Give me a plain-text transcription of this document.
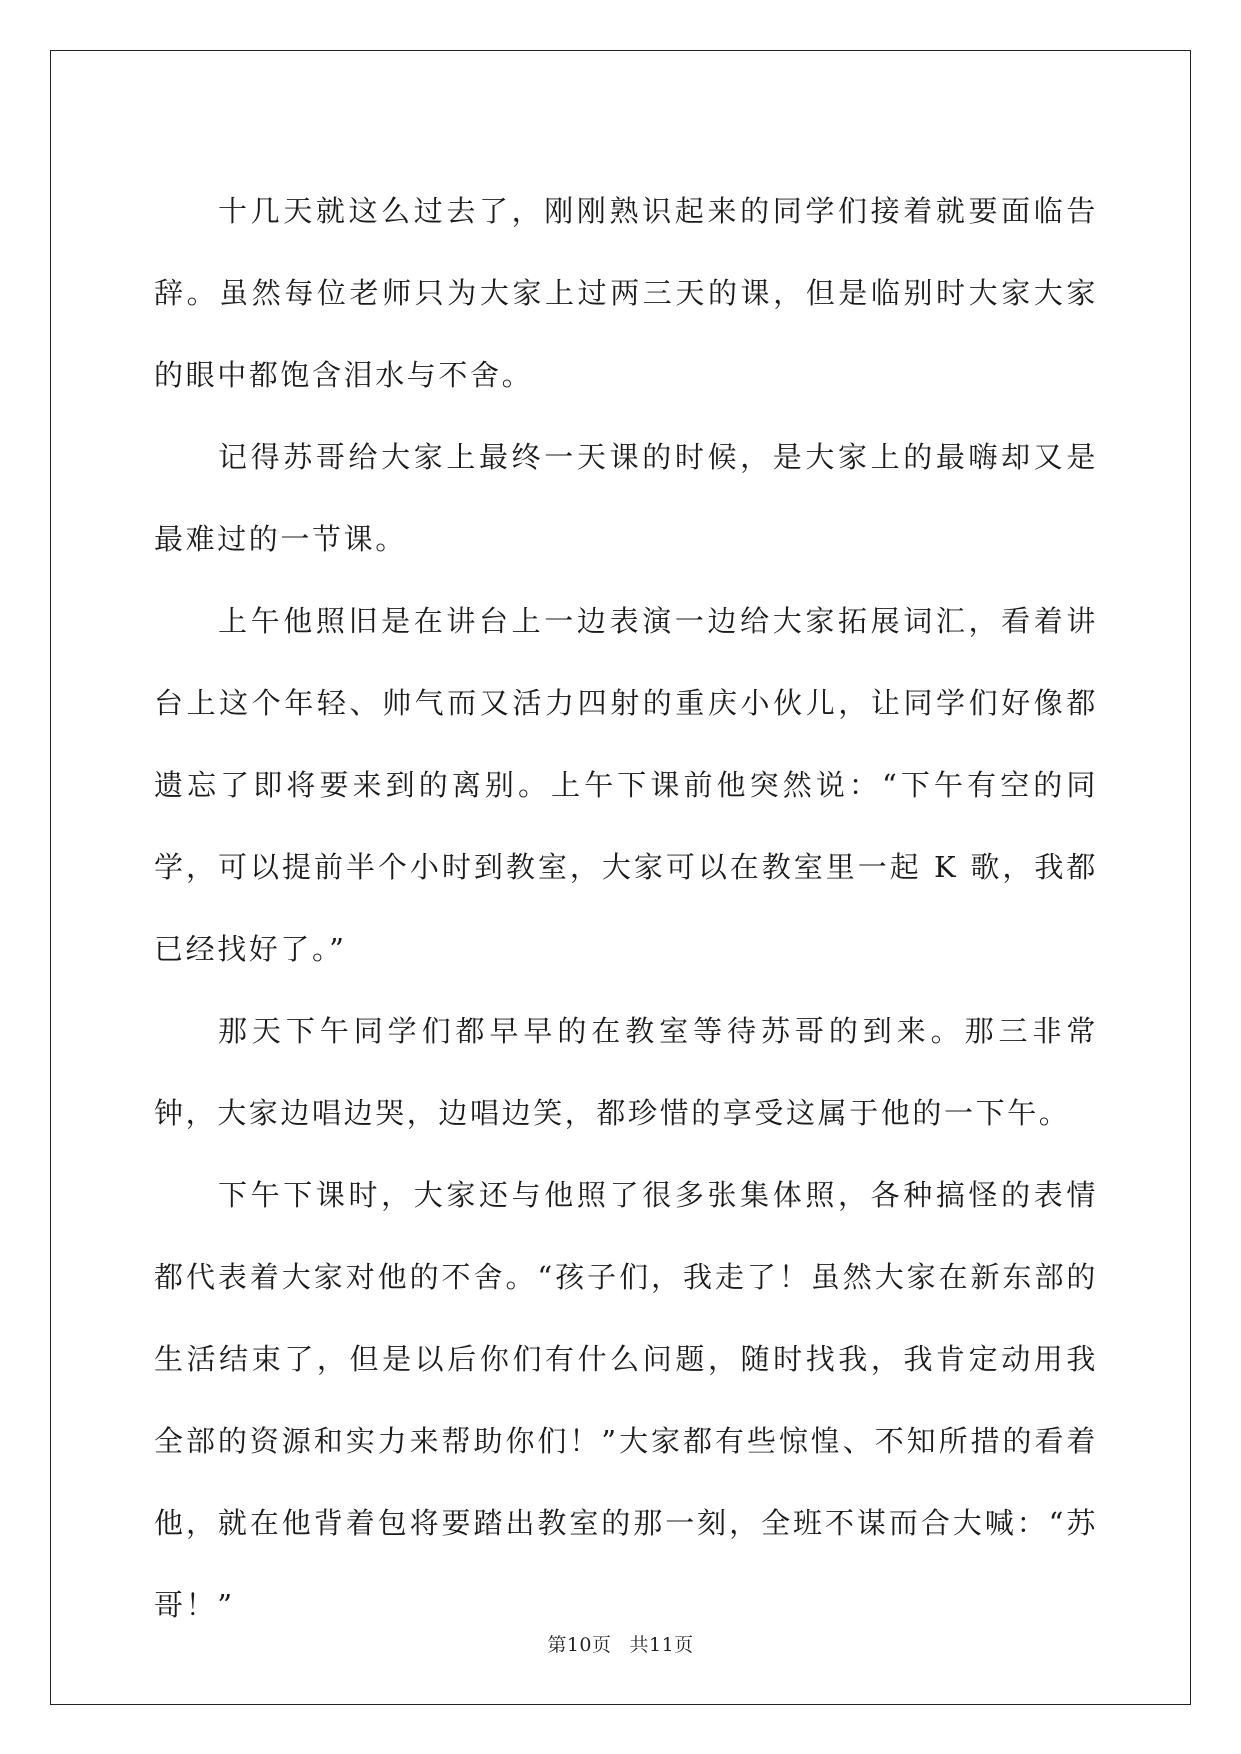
十几天就这么过去了，刚刚熟识起来的同学们接着就要面临告辞。虽然每位老师只为大家上过两三天的课，但是临别时大家大家的眼中都饱含泪水与不舍。

记得苏哥给大家上最终一天课的时候，是大家上的最嗨却又是最难过的一节课。

上午他照旧是在讲台上一边表演一边给大家拓展词汇，看着讲台上这个年轻、帅气而又活力四射的重庆小伙儿，让同学们好像都遗忘了即将要来到的离别。上午下课前他突然说：“下午有空的同学，可以提前半个小时到教室，大家可以在教室里一起 K 歌，我都已经找好了。”

那天下午同学们都早早的在教室等待苏哥的到来。那三非常钟，大家边唱边哭，边唱边笑，都珍惜的享受这属于他的一下午。

下午下课时，大家还与他照了很多张集体照，各种搞怪的表情都代表着大家对他的不舍。“孩子们，我走了！虽然大家在新东部的生活结束了，但是以后你们有什么问题，随时找我，我肯定动用我全部的资源和实力来帮助你们！”大家都有些惊惶、不知所措的看着他，就在他背着包将要踏出教室的那一刻，全班不谋而合大喊：“苏哥！”

第10页 共11页
